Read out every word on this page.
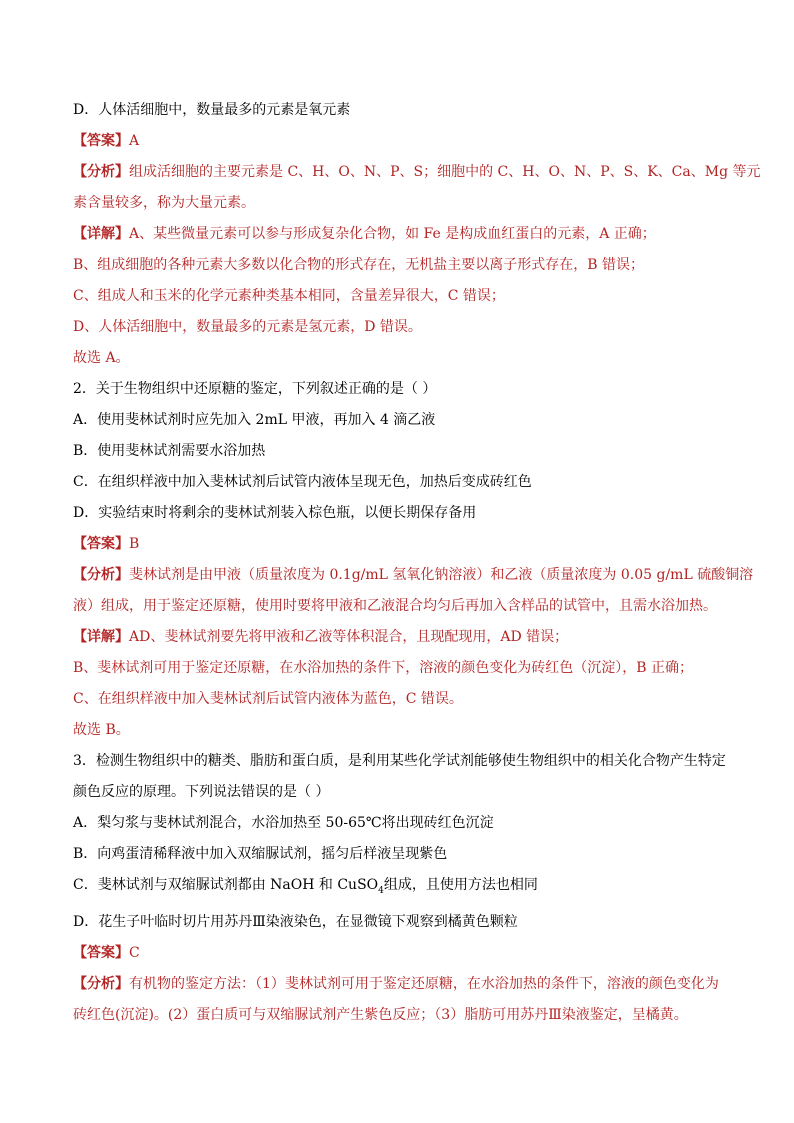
D．人体活细胞中，数量最多的元素是氧元素

【答案】A

【分析】组成活细胞的主要元素是 C、H、O、N、P、S；细胞中的 C、H、O、N、P、S、K、Ca、Mg 等元

素含量较多，称为大量元素。

【详解】A、某些微量元素可以参与形成复杂化合物，如 Fe 是构成血红蛋白的元素，A 正确；

B、组成细胞的各种元素大多数以化合物的形式存在，无机盐主要以离子形式存在，B 错误；

C、组成人和玉米的化学元素种类基本相同，含量差异很大，C 错误；

D、人体活细胞中，数量最多的元素是氢元素，D 错误。

故选 A。

2．关于生物组织中还原糖的鉴定，下列叙述正确的是（ ）

A．使用斐林试剂时应先加入 2mL 甲液，再加入 4 滴乙液

B．使用斐林试剂需要水浴加热

C．在组织样液中加入斐林试剂后试管内液体呈现无色，加热后变成砖红色

D．实验结束时将剩余的斐林试剂装入棕色瓶，以便长期保存备用

【答案】B

【分析】斐林试剂是由甲液（质量浓度为 0.1g/mL 氢氧化钠溶液）和乙液（质量浓度为 0.05 g/mL 硫酸铜溶

液）组成，用于鉴定还原糖，使用时要将甲液和乙液混合均匀后再加入含样品的试管中，且需水浴加热。

【详解】AD、斐林试剂要先将甲液和乙液等体积混合，且现配现用，AD 错误；

B、斐林试剂可用于鉴定还原糖，在水浴加热的条件下，溶液的颜色变化为砖红色（沉淀），B 正确；

C、在组织样液中加入斐林试剂后试管内液体为蓝色，C 错误。

故选 B。

3．检测生物组织中的糖类、脂肪和蛋白质，是利用某些化学试剂能够使生物组织中的相关化合物产生特定

颜色反应的原理。下列说法错误的是（ ）

A．梨匀浆与斐林试剂混合，水浴加热至 50-65℃将出现砖红色沉淀

B．向鸡蛋清稀释液中加入双缩脲试剂，摇匀后样液呈现紫色

C．斐林试剂与双缩脲试剂都由 NaOH 和 CuSO$_4$组成，且使用方法也相同

D．花生子叶临时切片用苏丹Ⅲ染液染色，在显微镜下观察到橘黄色颗粒

【答案】C

【分析】有机物的鉴定方法：（1）斐林试剂可用于鉴定还原糖，在水浴加热的条件下，溶液的颜色变化为

砖红色(沉淀)。(2）蛋白质可与双缩脲试剂产生紫色反应；（3）脂肪可用苏丹Ⅲ染液鉴定，呈橘黄。
